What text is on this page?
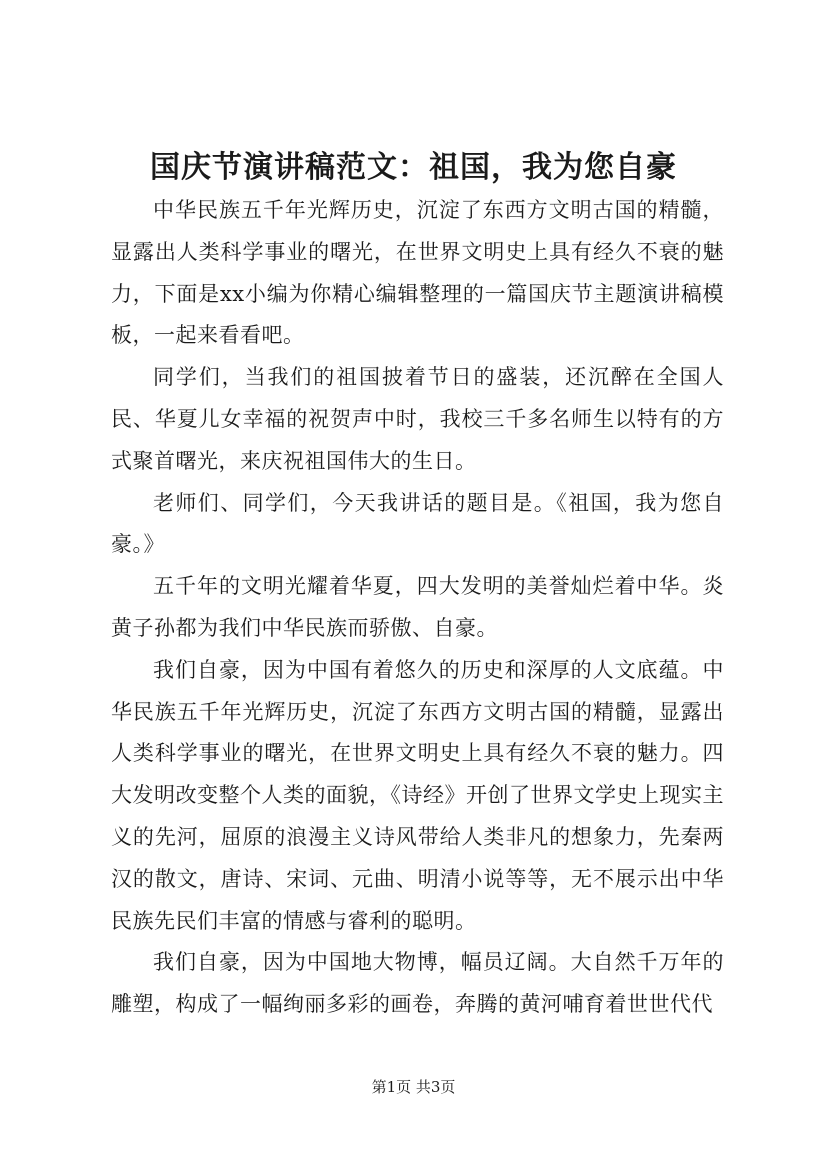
国庆节演讲稿范文：祖国，我为您自豪

中华民族五千年光辉历史，沉淀了东西方文明古国的精髓，显露出人类科学事业的曙光，在世界文明史上具有经久不衰的魅力，下面是xx小编为你精心编辑整理的一篇国庆节主题演讲稿模板，一起来看看吧。

同学们，当我们的祖国披着节日的盛装，还沉醉在全国人民、华夏儿女幸福的祝贺声中时，我校三千多名师生以特有的方式聚首曙光，来庆祝祖国伟大的生日。

老师们、同学们，今天我讲话的题目是。《祖国，我为您自豪。》

五千年的文明光耀着华夏，四大发明的美誉灿烂着中华。炎黄子孙都为我们中华民族而骄傲、自豪。

我们自豪，因为中国有着悠久的历史和深厚的人文底蕴。中华民族五千年光辉历史，沉淀了东西方文明古国的精髓，显露出人类科学事业的曙光，在世界文明史上具有经久不衰的魅力。四大发明改变整个人类的面貌，《诗经》开创了世界文学史上现实主义的先河，屈原的浪漫主义诗风带给人类非凡的想象力，先秦两汉的散文，唐诗、宋词、元曲、明清小说等等，无不展示出中华民族先民们丰富的情感与睿利的聪明。

我们自豪，因为中国地大物博，幅员辽阔。大自然千万年的雕塑，构成了一幅绚丽多彩的画卷，奔腾的黄河哺育着世世代代

第1页 共3页
